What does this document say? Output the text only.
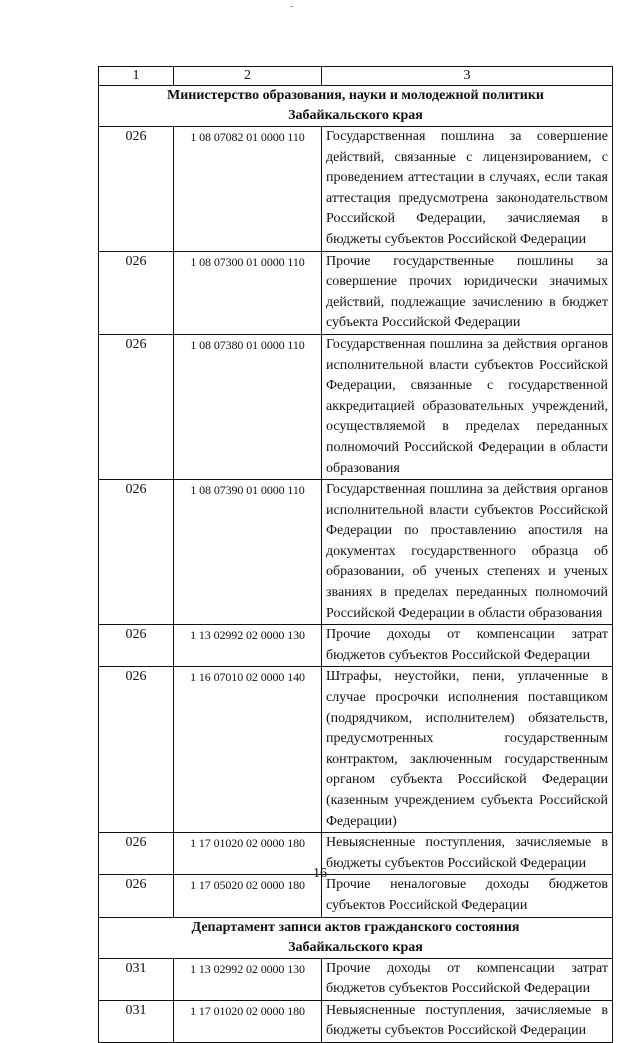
1	2	3

Министерство образования, науки и молодежной политики
Забайкальского края		

026	1 08 07082 01 0000 110	Государственная пошлина за совершение действий, связанные с лицензированием, с проведением аттестации в случаях, если такая аттестация предусмотрена законодательством Российской Федерации, зачисляемая в бюджеты субъектов Российской Федерации
026	1 08 07300 01 0000 110	Прочие государственные пошлины за совершение прочих юридически значимых действий, подлежащие зачислению в бюджет субъекта Российской Федерации
026	1 08 07380 01 0000 110	Государственная пошлина за действия органов исполнительной власти субъектов Российской Федерации, связанные с государственной аккредитацией образовательных учреждений, осуществляемой в пределах переданных полномочий Российской Федерации в области образования
026	1 08 07390 01 0000 110	Государственная пошлина за действия органов исполнительной власти субъектов Российской Федерации по проставлению апостиля на документах государственного образца об образовании, об ученых степенях и ученых званиях в пределах переданных полномочий Российской Федерации в области образования
026	1 13 02992 02 0000 130	Прочие доходы от компенсации затрат бюджетов субъектов Российской Федерации
026	1 16 07010 02 0000 140	Штрафы, неустойки, пени, уплаченные в случае просрочки исполнения поставщиком (подрядчиком, исполнителем) обязательств, предусмотренных государственным контрактом, заключенным государственным органом субъекта Российской Федерации (казенным учреждением субъекта Российской Федерации)
026	1 17 01020 02 0000 180	Невыясненные поступления, зачисляемые в бюджеты субъектов Российской Федерации
026	1 17 05020 02 0000 180	Прочие неналоговые доходы бюджетов субъектов Российской Федерации

Департамент записи актов гражданского состояния
Забайкальского края		

031	1 13 02992 02 0000 130	Прочие доходы от компенсации затрат бюджетов субъектов Российской Федерации
031	1 17 01020 02 0000 180	Невыясненные поступления, зачисляемые в бюджеты субъектов Российской Федерации
16
